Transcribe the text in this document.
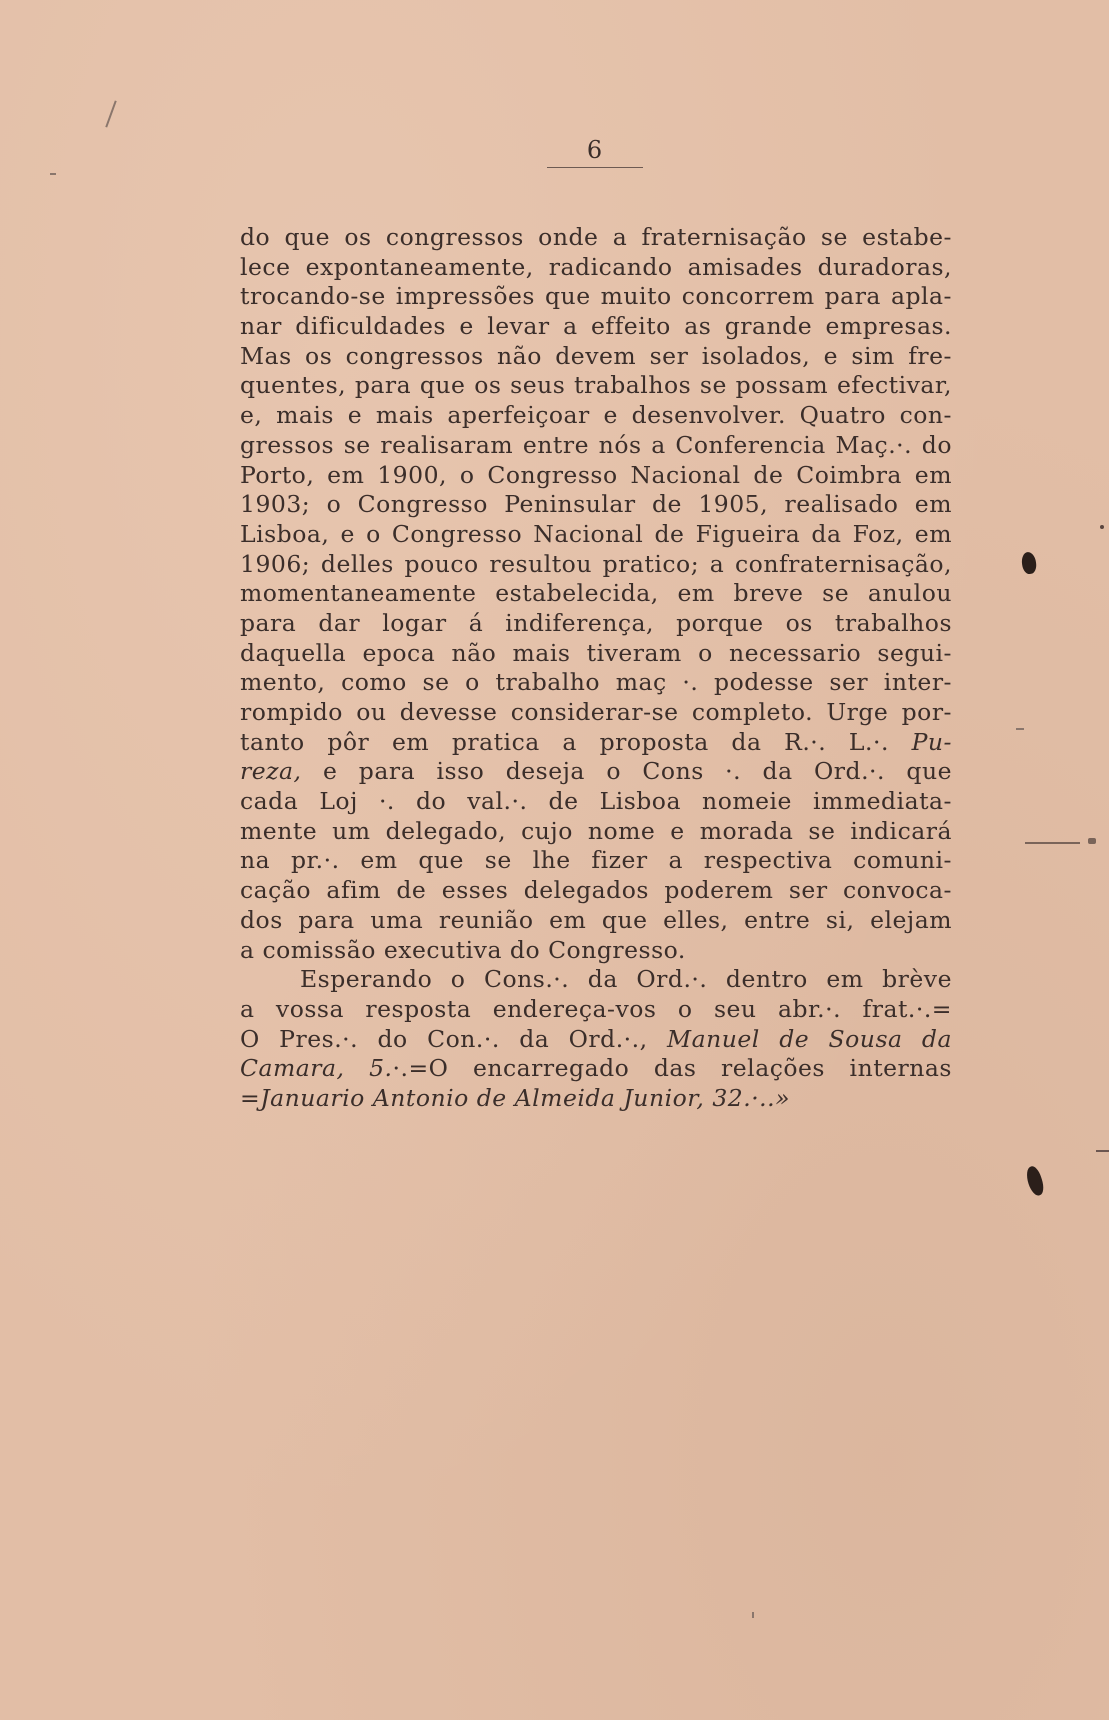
6
do que os congressos onde a fraternisação se estabe-
lece expontaneamente, radicando amisades duradoras,
trocando-se impressões que muito concorrem para apla-
nar dificuldades e levar a effeito as grande empresas.
Mas os congressos não devem ser isolados, e sim fre-
quentes, para que os seus trabalhos se possam efectivar,
e, mais e mais aperfeiçoar e desenvolver. Quatro con-
gressos se realisaram entre nós a Conferencia Maç.·. do
Porto, em 1900, o Congresso Nacional de Coimbra em
1903; o Congresso Peninsular de 1905, realisado em
Lisboa, e o Congresso Nacional de Figueira da Foz, em
1906; delles pouco resultou pratico; a confraternisação,
momentaneamente estabelecida, em breve se anulou
para dar logar á indiferença, porque os trabalhos
daquella epoca não mais tiveram o necessario segui-
mento, como se o trabalho maç ·. podesse ser inter-
rompido ou devesse considerar-se completo. Urge por-
tanto pôr em pratica a proposta da R.·. L.·. Pu-
reza, e para isso deseja o Cons ·. da Ord.·. que
cada Loj ·. do val.·. de Lisboa nomeie immediata-
mente um delegado, cujo nome e morada se indicará
na pr.·. em que se lhe fizer a respectiva comuni-
cação afim de esses delegados poderem ser convoca-
dos para uma reunião em que elles, entre si, elejam
a comissão executiva do Congresso.
Esperando o Cons.·. da Ord.·. dentro em brève
a vossa resposta endereça-vos o seu abr.·. frat.·.=
O Pres.·. do Con.·. da Ord.·., Manuel de Sousa da
Camara, 5.·.=O encarregado das relações internas
=Januario Antonio de Almeida Junior, 32.·..»
